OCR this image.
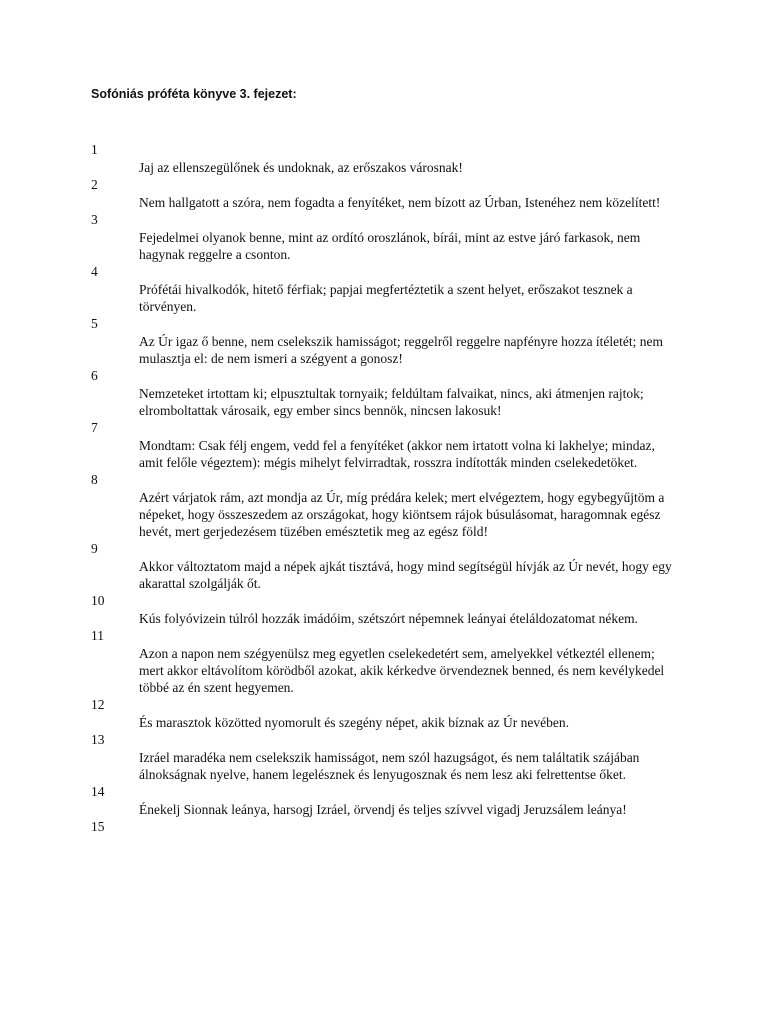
Sofóniás próféta könyve 3. fejezet:

1
Jaj az ellenszegülőnek és undoknak, az erőszakos városnak!
2
Nem hallgatott a szóra, nem fogadta a fenyítéket, nem bízott az Úrban, Istenéhez nem közelített!
3
Fejedelmei olyanok benne, mint az ordító oroszlánok, bírái, mint az estve járó farkasok, nem hagynak reggelre a csonton.
4
Prófétái hivalkodók, hitető férfiak; papjai megfertéztetik a szent helyet, erőszakot tesznek a törvényen.
5
Az Úr igaz ő benne, nem cselekszik hamisságot; reggelről reggelre napfényre hozza ítéletét; nem mulasztja el: de nem ismeri a szégyent a gonosz!
6
Nemzeteket irtottam ki; elpusztultak tornyaik; feldúltam falvaikat, nincs, aki átmenjen rajtok; elromboltattak városaik, egy ember sincs bennök, nincsen lakosuk!
7
Mondtam: Csak félj engem, vedd fel a fenyítéket (akkor nem irtatott volna ki lakhelye; mindaz, amit felőle végeztem): mégis mihelyt felvirradtak, rosszra indították minden cselekedetöket.
8
Azért várjatok rám, azt mondja az Úr, míg prédára kelek; mert elvégeztem, hogy egybegyűjtöm a népeket, hogy összeszedem az országokat, hogy kiöntsem rájok búsulásomat, haragomnak egész hevét, mert gerjedezésem tüzében emésztetik meg az egész föld!
9
Akkor változtatom majd a népek ajkát tisztává, hogy mind segítségül hívják az Úr nevét, hogy egy akarattal szolgálják őt.
10
Kús folyóvizein túlról hozzák imádóim, szétszórt népemnek leányai ételáldozatomat nékem.
11
Azon a napon nem szégyenülsz meg egyetlen cselekedetért sem, amelyekkel vétkeztél ellenem; mert akkor eltávolítom körödből azokat, akik kérkedve örvendeznek benned, és nem kevélykedel többé az én szent hegyemen.
12
És marasztok közötted nyomorult és szegény népet, akik bíznak az Úr nevében.
13
Izráel maradéka nem cselekszik hamisságot, nem szól hazugságot, és nem találtatik szájában álnokságnak nyelve, hanem legelésznek és lenyugosznak és nem lesz aki felrettentse őket.
14
Énekelj Sionnak leánya, harsogj Izráel, örvendj és teljes szívvel vigadj Jeruzsálem leánya!
15
